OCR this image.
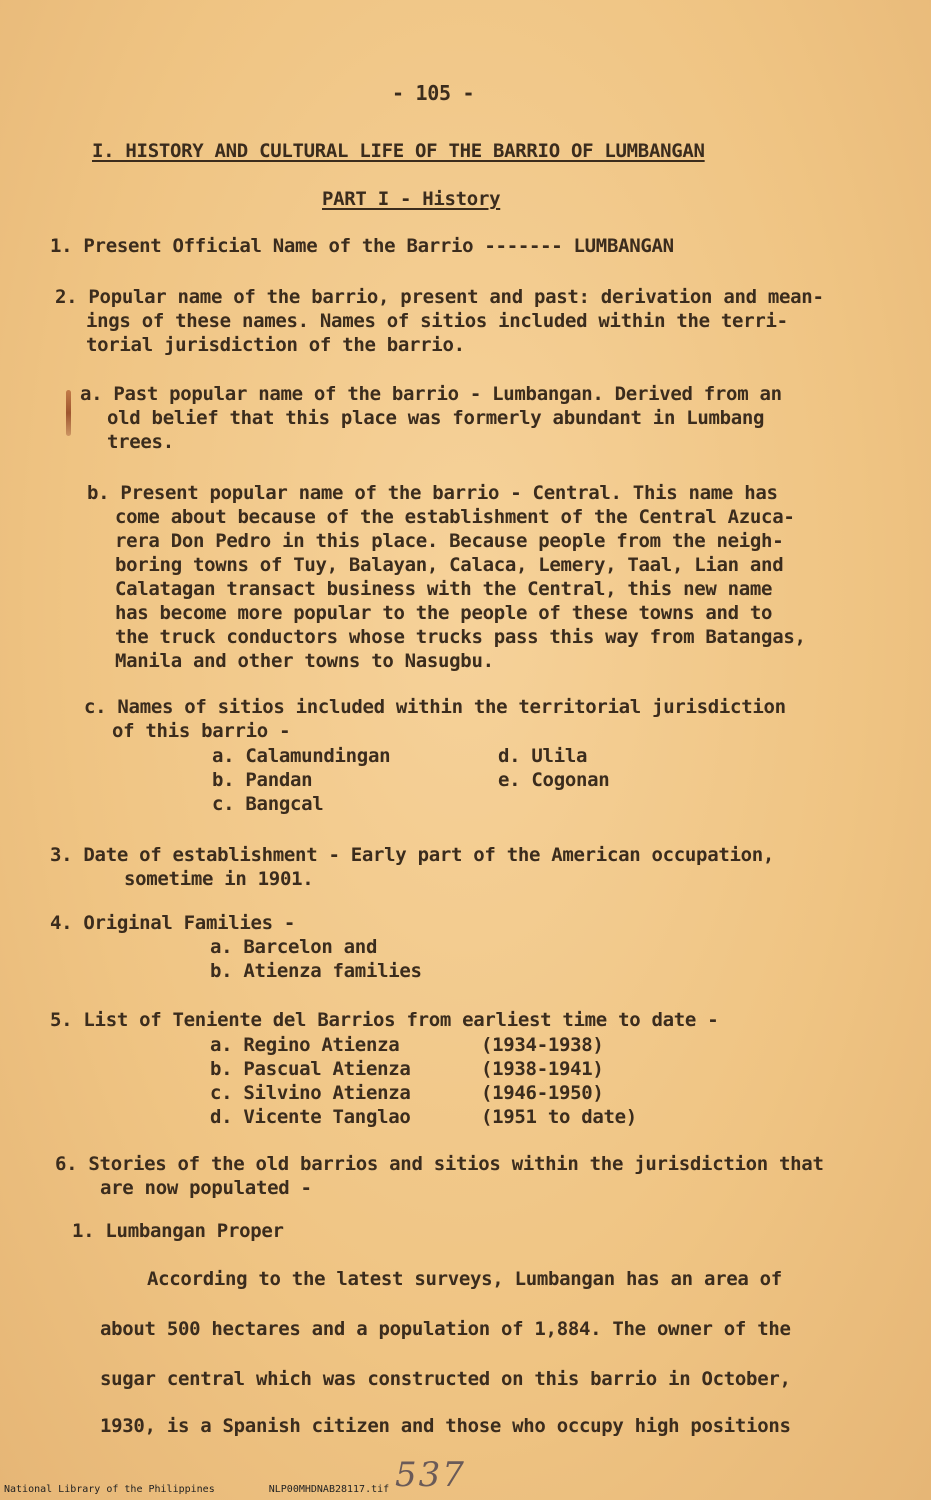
- 105 -
I. HISTORY AND CULTURAL LIFE OF THE BARRIO OF LUMBANGAN
PART I - History
1. Present Official Name of the Barrio ------- LUMBANGAN
2. Popular name of the barrio, present and past: derivation and mean-
ings of these names. Names of sitios included within the terri-
torial jurisdiction of the barrio.
a. Past popular name of the barrio - Lumbangan. Derived from an
old belief that this place was formerly abundant in Lumbang
trees.
b. Present popular name of the barrio - Central. This name has
come about because of the establishment of the Central Azuca-
rera Don Pedro in this place. Because people from the neigh-
boring towns of Tuy, Balayan, Calaca, Lemery, Taal, Lian and
Calatagan transact business with the Central, this new name
has become more popular to the people of these towns and to
the truck conductors whose trucks pass this way from Batangas,
Manila and other towns to Nasugbu.
c. Names of sitios included within the territorial jurisdiction
of this barrio -
a. Calamundingan
b. Pandan
c. Bangcal
d. Ulila
e. Cogonan
3. Date of establishment - Early part of the American occupation,
sometime in 1901.
4. Original Families -
a. Barcelon and
b. Atienza families
5. List of Teniente del Barrios from earliest time to date -
a. Regino Atienza
b. Pascual Atienza
c. Silvino Atienza
d. Vicente Tanglao
(1934-1938)
(1938-1941)
(1946-1950)
(1951 to date)
6. Stories of the old barrios and sitios within the jurisdiction that
are now populated -
1. Lumbangan Proper
According to the latest surveys, Lumbangan has an area of
about 500 hectares and a population of 1,884. The owner of the
sugar central which was constructed on this barrio in October,
1930, is a Spanish citizen and those who occupy high positions
537
National Library of the Philippines	NLP00MHDNAB28117.tif
